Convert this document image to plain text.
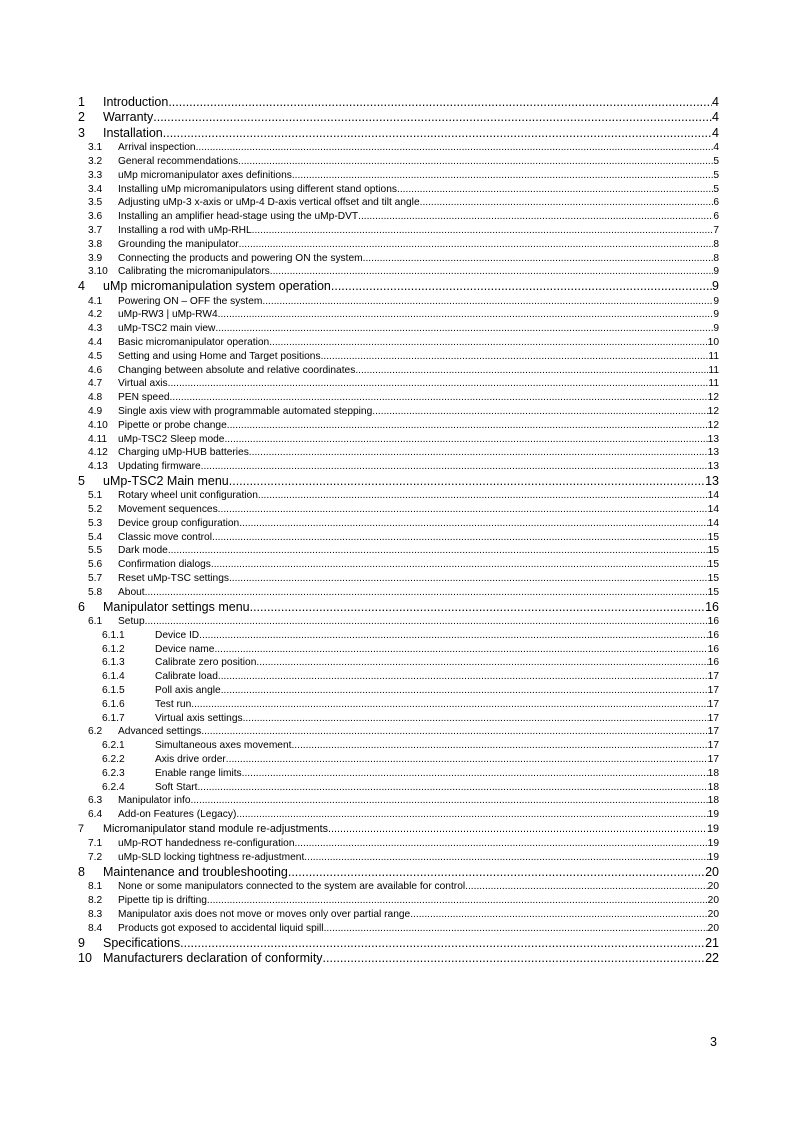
1	Introduction .....	4
2	Warranty .....	4
3	Installation .....	4
3.1	Arrival inspection .....	4
3.2	General recommendations .....	5
3.3	uMp micromanipulator axes definitions .....	5
3.4	Installing uMp micromanipulators using different stand options .....	5
3.5	Adjusting uMp-3 x-axis or uMp-4 D-axis vertical offset and tilt angle .....	6
3.6	Installing an amplifier head-stage using the uMp-DVT .....	6
3.7	Installing a rod with uMp-RHL .....	7
3.8	Grounding the manipulator .....	8
3.9	Connecting the products and powering ON the system .....	8
3.10 Calibrating the micromanipulators .....	9
4	uMp micromanipulation system operation .....	9
4.1	Powering ON – OFF the system .....	9
4.2	uMp-RW3 | uMp-RW4 .....	9
4.3	uMp-TSC2 main view .....	9
4.4	Basic micromanipulator operation .....	10
4.5	Setting and using Home and Target positions .....	11
4.6	Changing between absolute and relative coordinates .....	11
4.7	Virtual axis .....	11
4.8	PEN speed .....	12
4.9	Single axis view with programmable automated stepping .....	12
4.10 Pipette or probe change .....	12
4.11	uMp-TSC2 Sleep mode .....	13
4.12 Charging uMp-HUB batteries .....	13
4.13 Updating firmware .....	13
5	uMp-TSC2 Main menu .....	13
5.1	Rotary wheel unit configuration .....	14
5.2	Movement sequences .....	14
5.3	Device group configuration .....	14
5.4	Classic move control .....	15
5.5	Dark mode .....	15
5.6	Confirmation dialogs .....	15
5.7	Reset uMp-TSC settings .....	15
5.8	About .....	15
6	Manipulator settings menu .....	16
6.1	Setup .....	16
6.1.1	Device ID .....	16
6.1.2	Device name .....	16
6.1.3	Calibrate zero position .....	16
6.1.4	Calibrate load .....	17
6.1.5	Poll axis angle .....	17
6.1.6	Test run .....	17
6.1.7	Virtual axis settings .....	17
6.2	Advanced settings .....	17
6.2.1	Simultaneous axes movement .....	17
6.2.2	Axis drive order .....	17
6.2.3	Enable range limits .....	18
6.2.4	Soft Start .....	18
6.3	Manipulator info .....	18
6.4	Add-on Features (Legacy) .....	19
7	Micromanipulator stand module re-adjustments .....	19
7.1	uMp-ROT handedness re-configuration .....	19
7.2	uMp-SLD locking tightness re-adjustment .....	19
8	Maintenance and troubleshooting .....	20
8.1	None or some manipulators connected to the system are available for control .....	20
8.2	Pipette tip is drifting .....	20
8.3	Manipulator axis does not move or moves only over partial range .....	20
8.4	Products got exposed to accidental liquid spill .....	20
9	Specifications .....	21
10 Manufacturers declaration of conformity .....	22
3
